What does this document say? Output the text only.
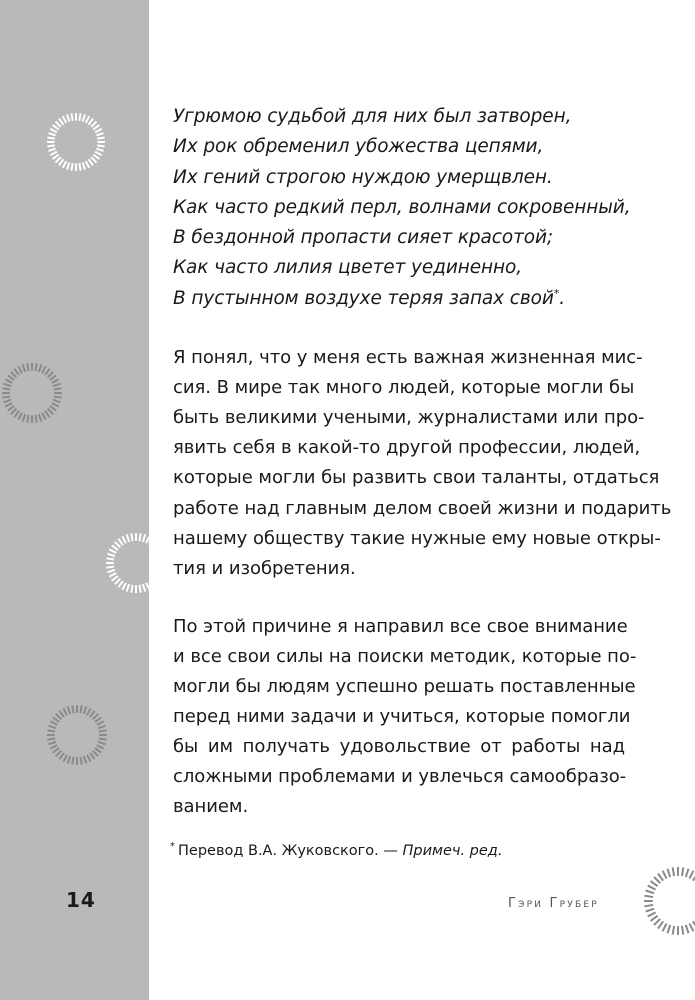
Угрюмою судьбой для них был затворен,
Их рок обременил убожества цепями,
Их гений строгою нуждою умерщвлен.
Как часто редкий перл, волнами сокровенный,
В бездонной пропасти сияет красотой;
Как часто лилия цветет уединенно,
В пустынном воздухе теряя запах свой*.
Я понял, что у меня есть важная жизненная мис-
сия. В мире так много людей, которые могли бы
быть великими учеными, журналистами или про-
явить себя в какой-то другой профессии, людей,
которые могли бы развить свои таланты, отдаться
работе над главным делом своей жизни и подарить
нашему обществу такие нужные ему новые откры-
тия и изобретения.
По этой причине я направил все свое внимание
и все свои силы на поиски методик, которые по-
могли бы людям успешно решать поставленные
перед ними задачи и учиться, которые помогли
бы им получать удовольствие от работы над
сложными проблемами и увлечься самообразо-
ванием.
* Перевод В.А. Жуковского. — Примеч. ред.
14	Гэри Грубер
